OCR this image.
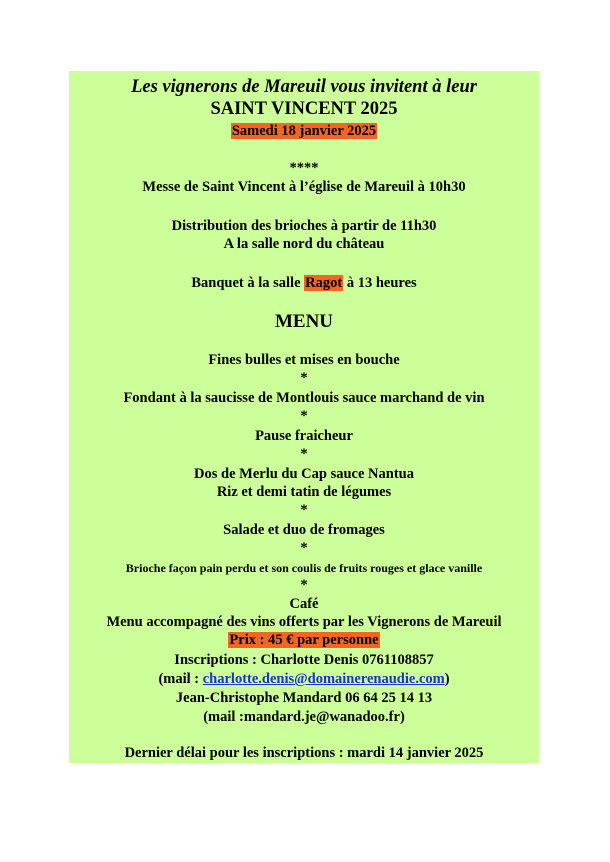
Les vignerons de Mareuil vous invitent à leur
SAINT VINCENT 2025
Samedi 18 janvier 2025
****
Messe de Saint Vincent à l’église de Mareuil à 10h30
Distribution des brioches à partir de 11h30
A la salle nord du château
Banquet à la salle Ragot à 13 heures
MENU
Fines bulles et mises en bouche
*
Fondant à la saucisse de Montlouis sauce marchand de vin
*
Pause fraicheur
*
Dos de Merlu du Cap sauce Nantua
Riz et demi tatin de légumes
*
Salade et duo de fromages
*
Brioche façon pain perdu et son coulis de fruits rouges et glace vanille
*
Café
Menu accompagné des vins offerts par les Vignerons de Mareuil
Prix : 45 € par personne
Inscriptions : Charlotte Denis 0761108857
(mail : charlotte.denis@domainerenaudie.com)
Jean-Christophe Mandard 06 64 25 14 13
(mail :mandard.je@wanadoo.fr)
Dernier délai pour les inscriptions : mardi 14 janvier 2025
